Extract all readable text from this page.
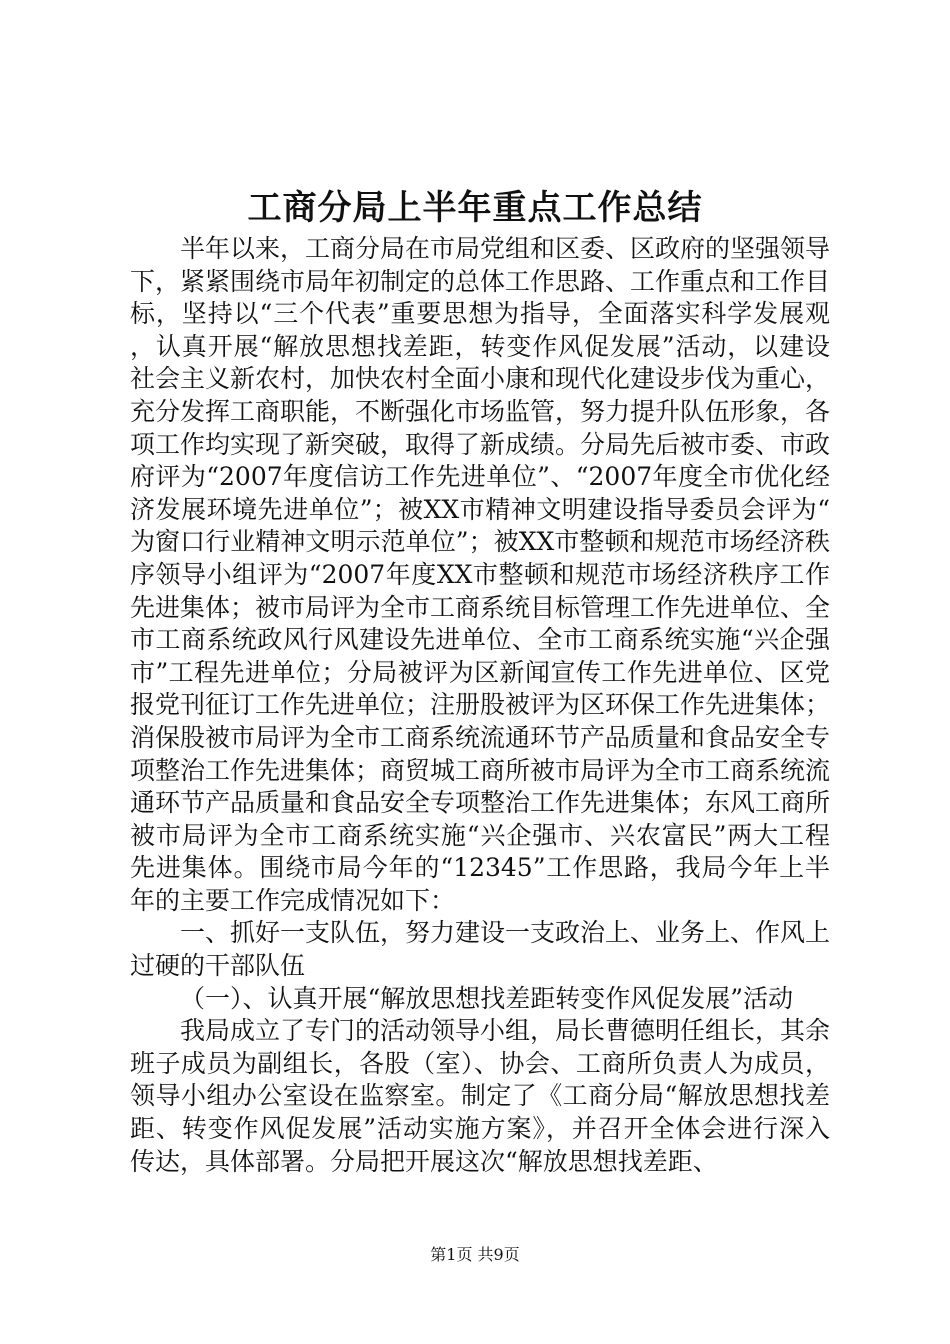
工商分局上半年重点工作总结

半年以来，工商分局在市局党组和区委、区政府的坚强领导下，紧紧围绕市局年初制定的总体工作思路、工作重点和工作目标，坚持以“三个代表”重要思想为指导，全面落实科学发展观，认真开展“解放思想找差距，转变作风促发展”活动，以建设社会主义新农村，加快农村全面小康和现代化建设步伐为重心，充分发挥工商职能，不断强化市场监管，努力提升队伍形象，各项工作均实现了新突破，取得了新成绩。分局先后被市委、市政府评为“2007年度信访工作先进单位”、“2007年度全市优化经济发展环境先进单位”；被XX市精神文明建设指导委员会评为“为窗口行业精神文明示范单位”；被XX市整顿和规范市场经济秩序领导小组评为“2007年度XX市整顿和规范市场经济秩序工作先进集体；被市局评为全市工商系统目标管理工作先进单位、全市工商系统政风行风建设先进单位、全市工商系统实施“兴企强市”工程先进单位；分局被评为区新闻宣传工作先进单位、区党报党刊征订工作先进单位；注册股被评为区环保工作先进集体；消保股被市局评为全市工商系统流通环节产品质量和食品安全专项整治工作先进集体；商贸城工商所被市局评为全市工商系统流通环节产品质量和食品安全专项整治工作先进集体；东风工商所被市局评为全市工商系统实施“兴企强市、兴农富民”两大工程先进集体。围绕市局今年的“12345”工作思路，我局今年上半年的主要工作完成情况如下：

一、抓好一支队伍，努力建设一支政治上、业务上、作风上过硬的干部队伍

（一）、认真开展“解放思想找差距转变作风促发展”活动

我局成立了专门的活动领导小组，局长曹德明任组长，其余班子成员为副组长，各股（室）、协会、工商所负责人为成员，领导小组办公室设在监察室。制定了《工商分局“解放思想找差距、转变作风促发展”活动实施方案》，并召开全体会进行深入传达，具体部署。分局把开展这次“解放思想找差距、

第1页 共9页
